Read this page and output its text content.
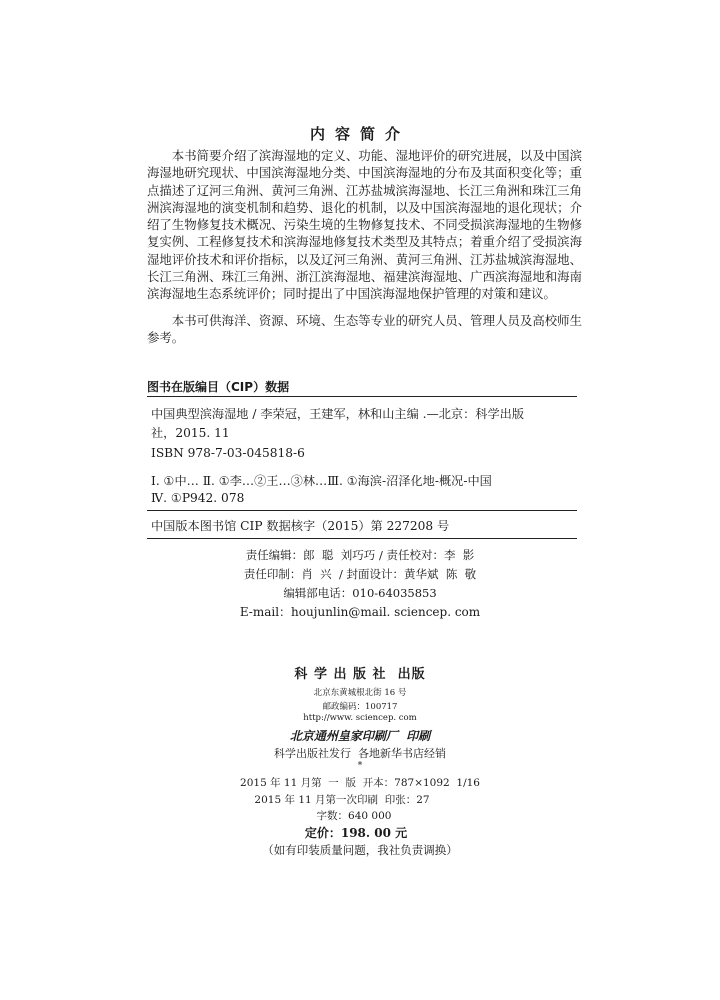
内容简介
本书简要介绍了滨海湿地的定义、功能、湿地评价的研究进展，以及中国滨海湿地研究现状、中国滨海湿地分类、中国滨海湿地的分布及其面积变化等；重点描述了辽河三角洲、黄河三角洲、江苏盐城滨海湿地、长江三角洲和珠江三角洲滨海湿地的演变机制和趋势、退化的机制，以及中国滨海湿地的退化现状；介绍了生物修复技术概况、污染生境的生物修复技术、不同受损滨海湿地的生物修复实例、工程修复技术和滨海湿地修复技术类型及其特点；着重介绍了受损滨海湿地评价技术和评价指标，以及辽河三角洲、黄河三角洲、江苏盐城滨海湿地、长江三角洲、珠江三角洲、浙江滨海湿地、福建滨海湿地、广西滨海湿地和海南滨海湿地生态系统评价；同时提出了中国滨海湿地保护管理的对策和建议。
本书可供海洋、资源、环境、生态等专业的研究人员、管理人员及高校师生参考。
图书在版编目（CIP）数据
中国典型滨海湿地 / 李荣冠，王建军，林和山主编 .—北京：科学出版
社，2015. 11
ISBN 978-7-03-045818-6
Ⅰ. ①中… Ⅱ. ①李…②王…③林…Ⅲ. ①海滨-沼泽化地-概况-中国
Ⅳ. ①P942. 078
中国版本图书馆 CIP 数据核字（2015）第 227208 号
责任编辑：郎  聪  刘巧巧 / 责任校对：李  影
责任印制：肖  兴  / 封面设计：黄华斌  陈  敬
编辑部电话：010-64035853
E-mail：houjunlin@mail. sciencep. com
科 学 出 版 社  出版
北京东黄城根北街 16 号
邮政编码：100717
http://www. sciencep. com
北京通州皇家印刷厂  印刷
科学出版社发行  各地新华书店经销
*
2015 年 11 月第  一  版  开本：787×1092  1/16
2015 年 11 月第一次印刷  印张：27
字数：640 000
定价：198. 00 元
（如有印装质量问题，我社负责调换）
